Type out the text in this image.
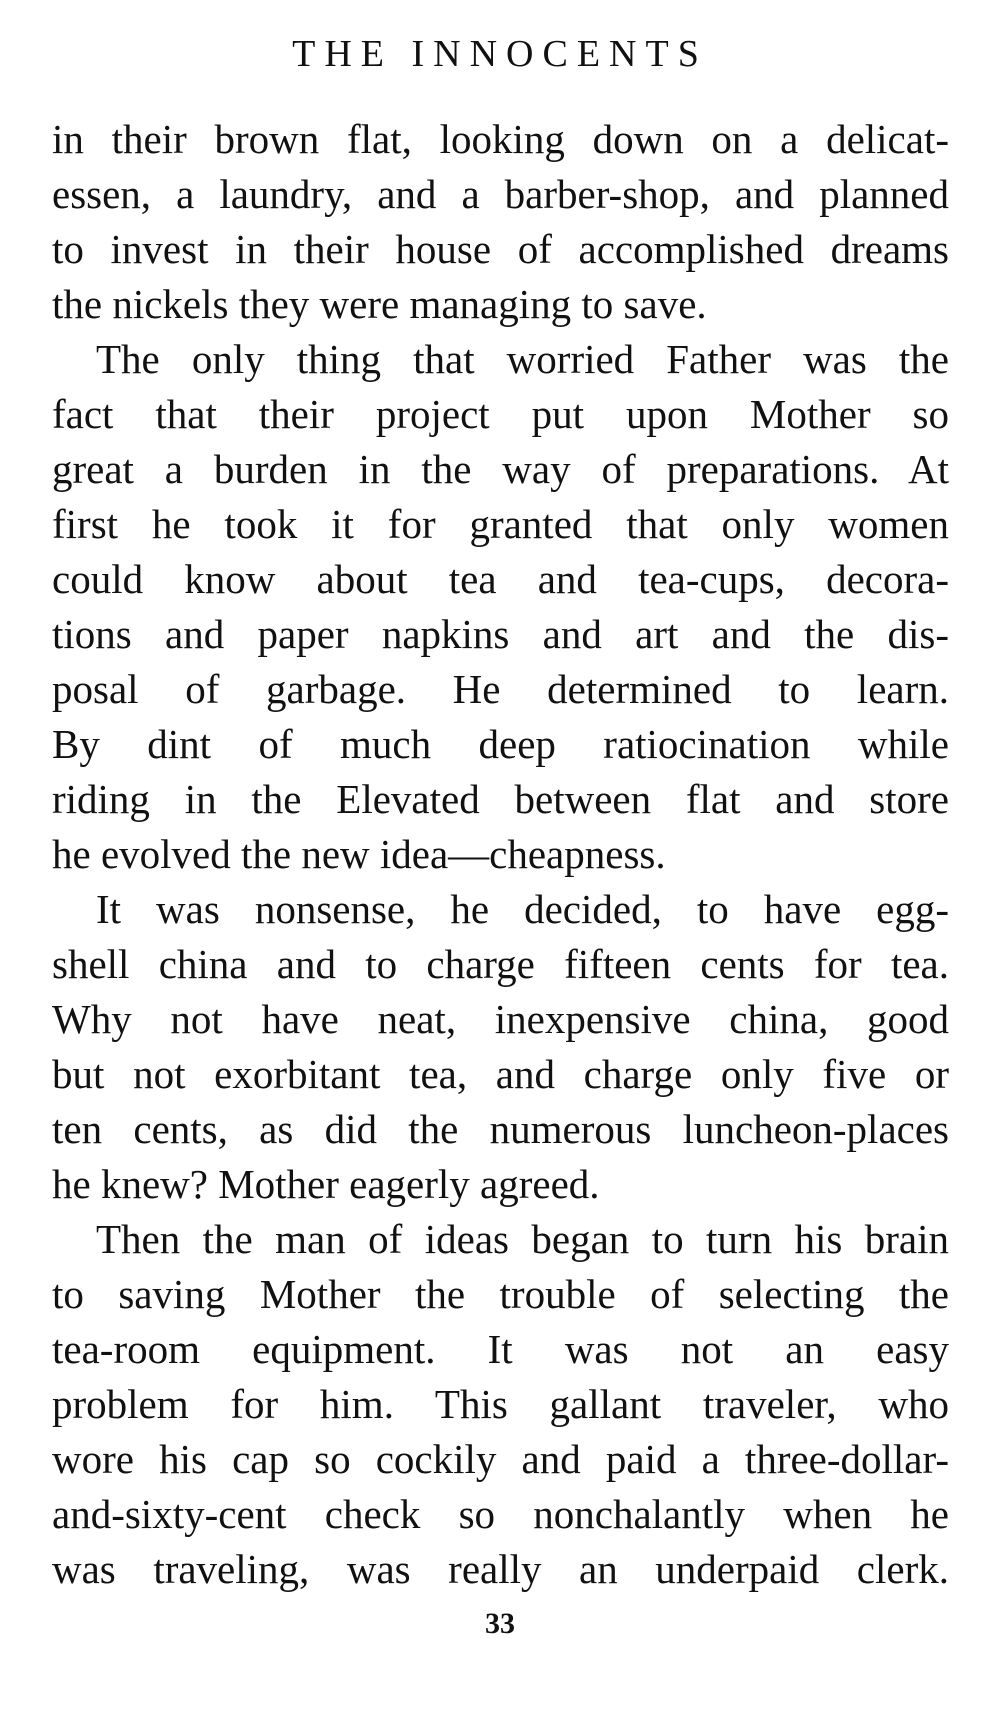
THE INNOCENTS
in their brown flat, looking down on a delicat-
essen, a laundry, and a barber-shop, and planned
to invest in their house of accomplished dreams
the nickels they were managing to save.
The only thing that worried Father was the
fact that their project put upon Mother so
great a burden in the way of preparations. At
first he took it for granted that only women
could know about tea and tea-cups, decora-
tions and paper napkins and art and the dis-
posal of garbage. He determined to learn.
By dint of much deep ratiocination while
riding in the Elevated between flat and store
he evolved the new idea—cheapness.
It was nonsense, he decided, to have egg-
shell china and to charge fifteen cents for tea.
Why not have neat, inexpensive china, good
but not exorbitant tea, and charge only five or
ten cents, as did the numerous luncheon-places
he knew? Mother eagerly agreed.
Then the man of ideas began to turn his brain
to saving Mother the trouble of selecting the
tea-room equipment. It was not an easy
problem for him. This gallant traveler, who
wore his cap so cockily and paid a three-dollar-
and-sixty-cent check so nonchalantly when he
was traveling, was really an underpaid clerk.
33
